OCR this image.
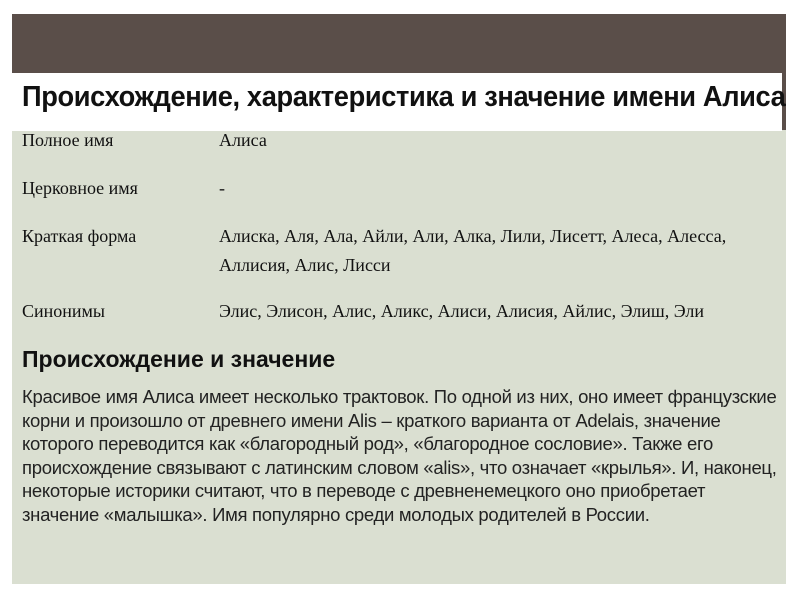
Происхождение, характеристика и значение имени Алиса
Полное имя	Алиса
Церковное имя	-
Краткая форма	Алиска, Аля, Ала, Айли, Али, Алка, Лили, Лисетт, Алеса, Алесса, Аллисия, Алис, Лисси
Синонимы	Элис, Элисон, Алис, Аликс, Алиси, Алисия, Айлис, Элиш, Эли
Происхождение и значение
Красивое имя Алиса имеет несколько трактовок. По одной из них, оно имеет французские корни и произошло от древнего имени Alis – краткого варианта от Adelais, значение которого переводится как «благородный род», «благородное сословие». Также его происхождение связывают с латинским словом «alis», что означает «крылья». И, наконец, некоторые историки считают, что в переводе с древненемецкого оно приобретает значение «малышка». Имя популярно среди молодых родителей в России.
